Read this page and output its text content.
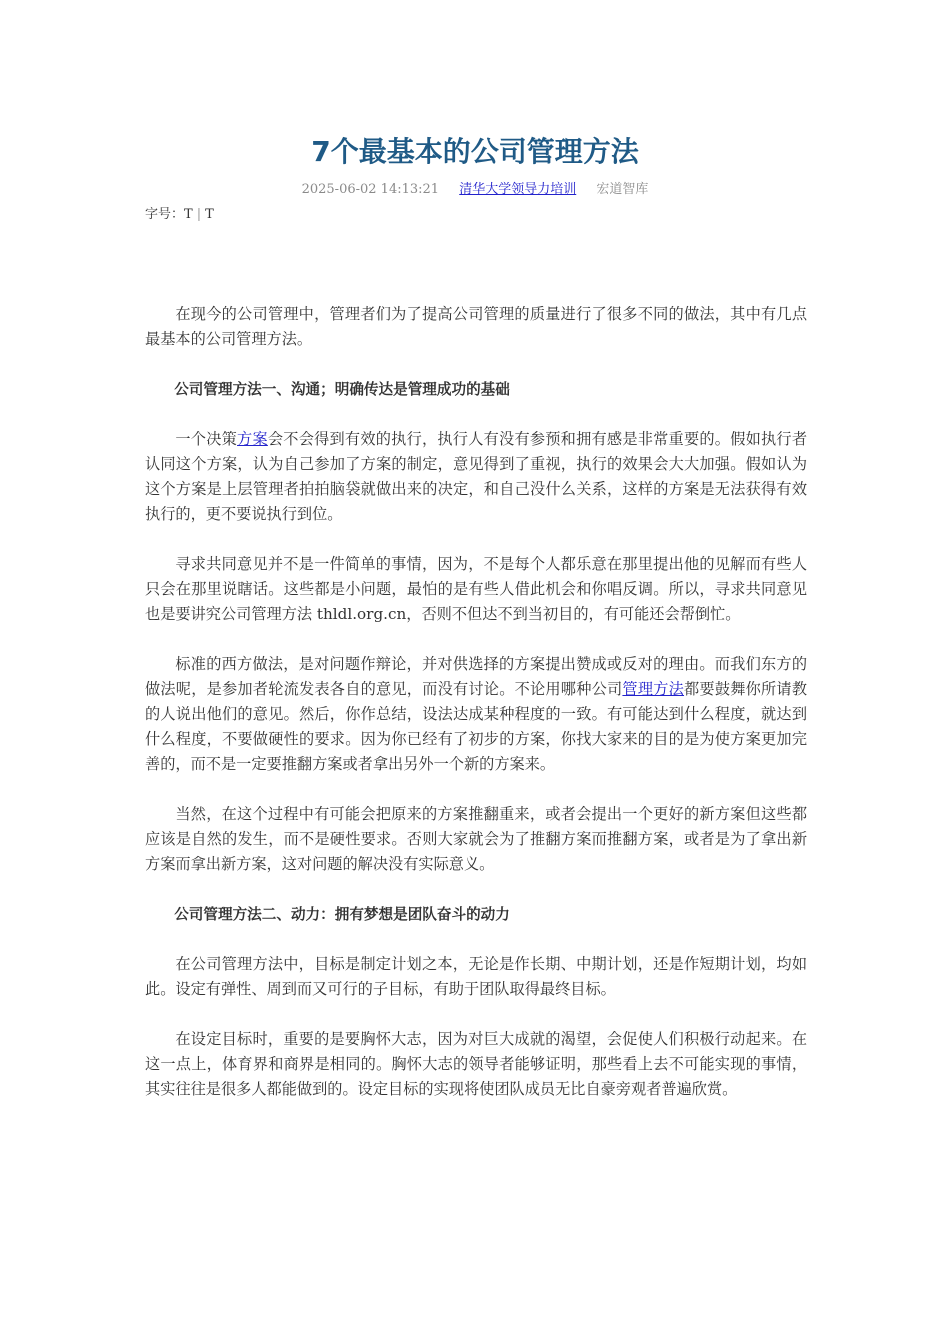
7个最基本的公司管理方法
2025-06-02 14:13:21 清华大学领导力培训 宏道智库
字号：T | T

在现今的公司管理中，管理者们为了提高公司管理的质量进行了很多不同的做法，其中有几点最基本的公司管理方法。

公司管理方法一、沟通；明确传达是管理成功的基础

一个决策方案会不会得到有效的执行，执行人有没有参预和拥有感是非常重要的。假如执行者认同这个方案，认为自己参加了方案的制定，意见得到了重视，执行的效果会大大加强。假如认为这个方案是上层管理者拍拍脑袋就做出来的决定，和自己没什么关系，这样的方案是无法获得有效执行的，更不要说执行到位。

寻求共同意见并不是一件简单的事情，因为，不是每个人都乐意在那里提出他的见解而有些人只会在那里说瞎话。这些都是小问题，最怕的是有些人借此机会和你唱反调。所以，寻求共同意见也是要讲究公司管理方法 thldl.org.cn，否则不但达不到当初目的，有可能还会帮倒忙。

标准的西方做法，是对问题作辩论，并对供选择的方案提出赞成或反对的理由。而我们东方的做法呢，是参加者轮流发表各自的意见，而没有讨论。不论用哪种公司管理方法都要鼓舞你所请教的人说出他们的意见。然后，你作总结，设法达成某种程度的一致。有可能达到什么程度，就达到什么程度，不要做硬性的要求。因为你已经有了初步的方案，你找大家来的目的是为使方案更加完善的，而不是一定要推翻方案或者拿出另外一个新的方案来。

当然，在这个过程中有可能会把原来的方案推翻重来，或者会提出一个更好的新方案但这些都应该是自然的发生，而不是硬性要求。否则大家就会为了推翻方案而推翻方案，或者是为了拿出新方案而拿出新方案，这对问题的解决没有实际意义。

公司管理方法二、动力：拥有梦想是团队奋斗的动力

在公司管理方法中，目标是制定计划之本，无论是作长期、中期计划，还是作短期计划，均如此。设定有弹性、周到而又可行的子目标，有助于团队取得最终目标。

在设定目标时，重要的是要胸怀大志，因为对巨大成就的渴望，会促使人们积极行动起来。在这一点上，体育界和商界是相同的。胸怀大志的领导者能够证明，那些看上去不可能实现的事情，其实往往是很多人都能做到的。设定目标的实现将使团队成员无比自豪旁观者普遍欣赏。
